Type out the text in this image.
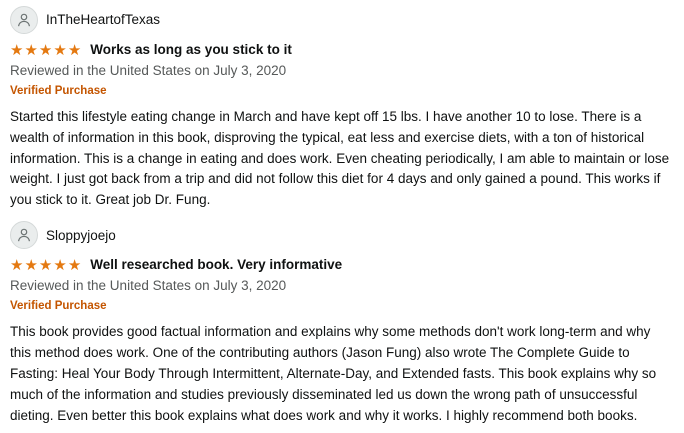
InTheHeartofTexas
★ ★ ★ ★ ★ Works as long as you stick to it
Reviewed in the United States on July 3, 2020
Verified Purchase
Started this lifestyle eating change in March and have kept off 15 lbs. I have another 10 to lose. There is a wealth of information in this book, disproving the typical, eat less and exercise diets, with a ton of historical information. This is a change in eating and does work. Even cheating periodically, I am able to maintain or lose weight. I just got back from a trip and did not follow this diet for 4 days and only gained a pound. This works if you stick to it. Great job Dr. Fung.
Sloppyjoejo
★ ★ ★ ★ ★ Well researched book. Very informative
Reviewed in the United States on July 3, 2020
Verified Purchase
This book provides good factual information and explains why some methods don't work long-term and why this method does work. One of the contributing authors (Jason Fung) also wrote The Complete Guide to Fasting: Heal Your Body Through Intermittent, Alternate-Day, and Extended fasts. This book explains why so much of the information and studies previously disseminated led us down the wrong path of unsuccessful dieting. Even better this book explains what does work and why it works. I highly recommend both books.
